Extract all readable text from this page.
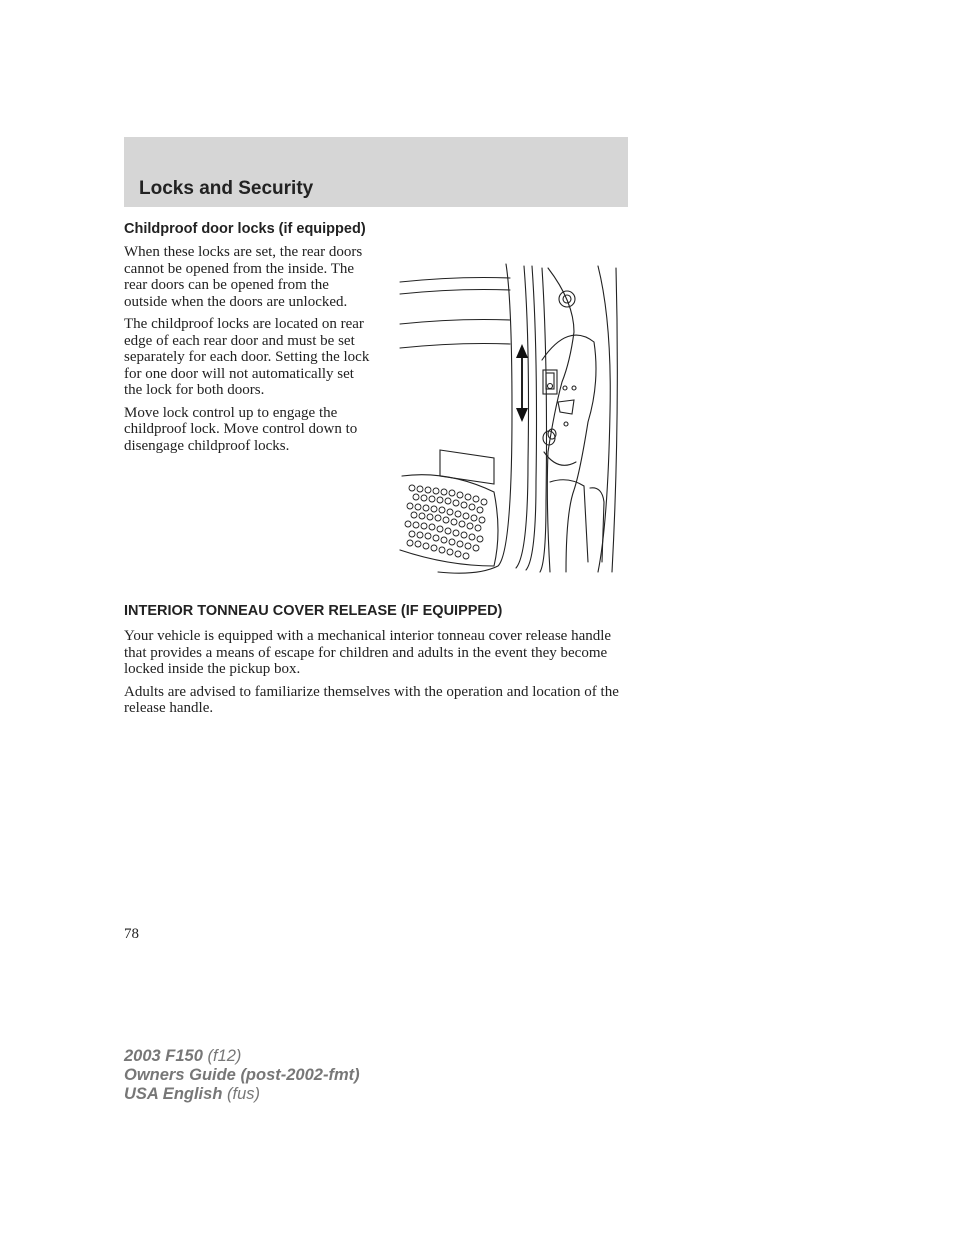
Locks and Security
Childproof door locks (if equipped)

When these locks are set, the rear doors cannot be opened from the inside. The rear doors can be opened from the outside when the doors are unlocked.

The childproof locks are located on rear edge of each rear door and must be set separately for each door. Setting the lock for one door will not automatically set the lock for both doors.

Move lock control up to engage the childproof lock. Move control down to disengage childproof locks.

INTERIOR TONNEAU COVER RELEASE (IF EQUIPPED)

Your vehicle is equipped with a mechanical interior tonneau cover release handle that provides a means of escape for children and adults in the event they become locked inside the pickup box.

Adults are advised to familiarize themselves with the operation and location of the release handle.

78
2003 F150 (f12)
Owners Guide (post-2002-fmt)
USA English (fus)
